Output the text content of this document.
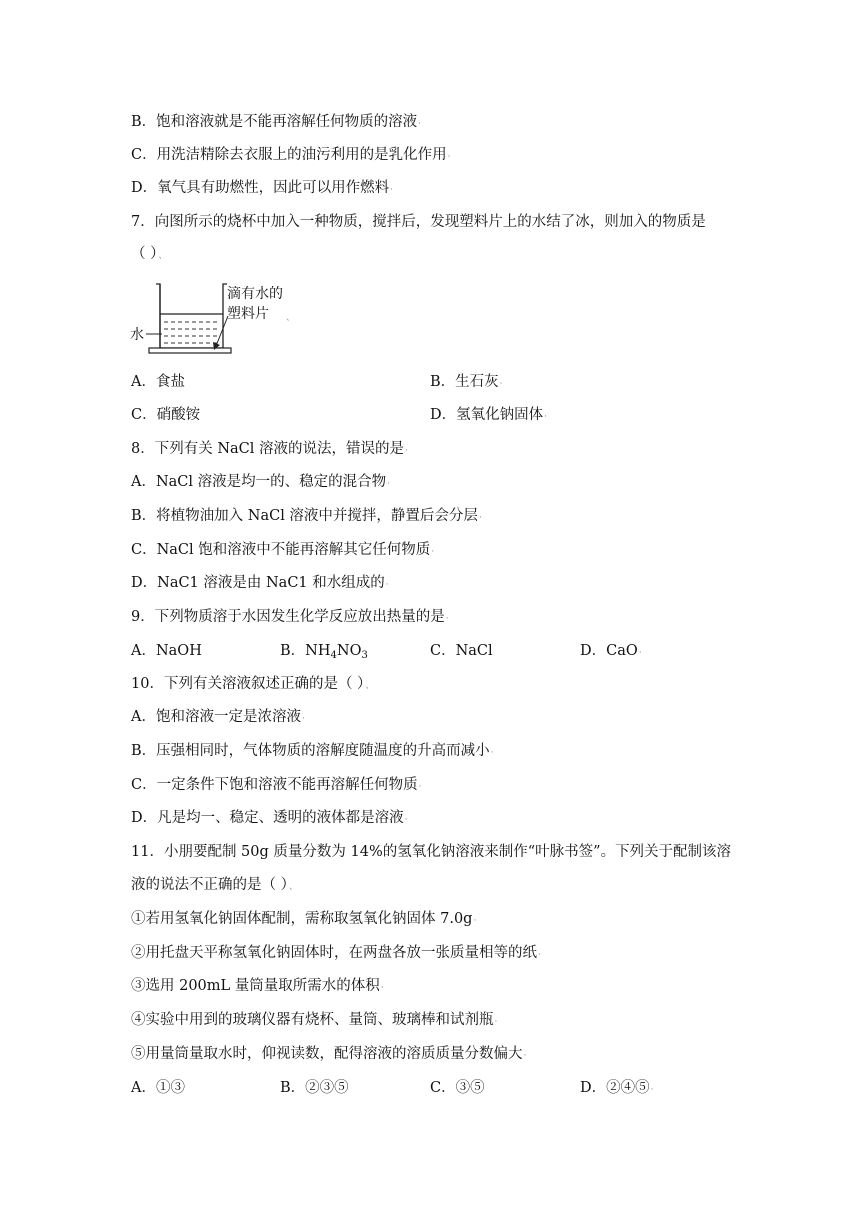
B．饱和溶液就是不能再溶解任何物质的溶液·
C．用洗洁精除去衣服上的油污利用的是乳化作用·
D．氧气具有助燃性，因此可以用作燃料·
7．向图所示的烧杯中加入一种物质，搅拌后，发现塑料片上的水结了冰，则加入的物质是
（ ）、
滴有水的
塑料片
水
、
A．食盐	B．生石灰·
C．硝酸铵	D．氢氧化钠固体·
8．下列有关 NaCl 溶液的说法，错误的是·
A．NaCl 溶液是均一的、稳定的混合物·
B．将植物油加入 NaCl 溶液中并搅拌，静置后会分层·
C．NaCl 饱和溶液中不能再溶解其它任何物质·
D．NaC1 溶液是由 NaC1 和水组成的·
9．下列物质溶于水因发生化学反应放出热量的是·
A．NaOH	B．$NH_4NO_3$	C．NaCl	D．CaO·
10．下列有关溶液叙述正确的是（ ）、
A．饱和溶液一定是浓溶液·
B．压强相同时，气体物质的溶解度随温度的升高而减小·
C．一定条件下饱和溶液不能再溶解任何物质·
D．凡是均一、稳定、透明的液体都是溶液·
11．小朋要配制 50g 质量分数为 14%的氢氧化钠溶液来制作“叶脉书签”。下列关于配制该溶
液的说法不正确的是（ ）、
①若用氢氧化钠固体配制，需称取氢氧化钠固体 7.0g·
②用托盘天平称氢氧化钠固体时，在两盘各放一张质量相等的纸·
③选用 200mL 量筒量取所需水的体积·
④实验中用到的玻璃仪器有烧杯、量筒、玻璃棒和试剂瓶·
⑤用量筒量取水时，仰视读数，配得溶液的溶质质量分数偏大·
A．①③	B．②③⑤	C．③⑤	D．②④⑤·
